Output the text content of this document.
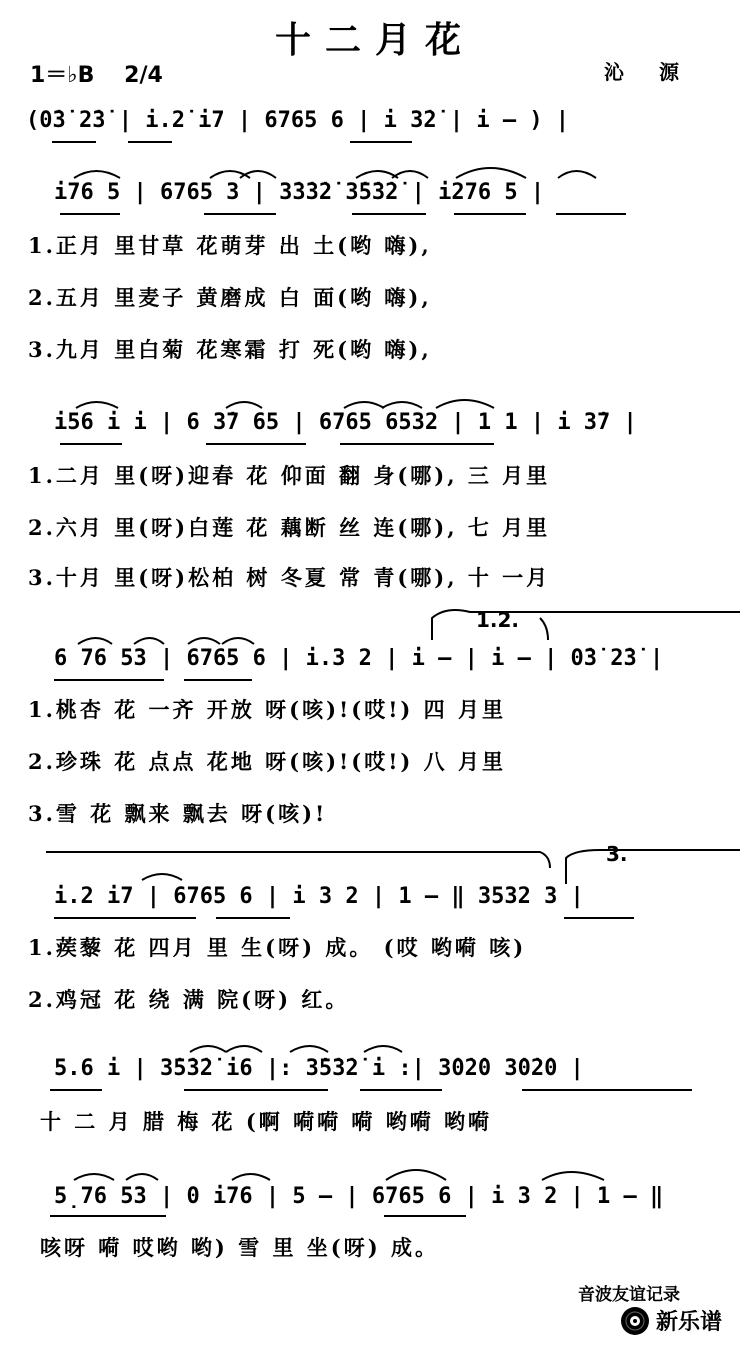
十二月花
1＝♭B 2/4	沁 源
(0̇3̇ 2̇3̇ | i.2̇ i7 | 6765 6 | i 3̇2̇ | i — ) |
i76 5 | 6765 3 | 3̇3̇3̇2̇ 3̇5̇3̇2̇ | i276 5 |
1.正月 里甘草 花萌芽 出 土(哟 嗨),
2.五月 里麦子 黄磨成 白 面(哟 嗨),
3.九月 里白菊 花寒霜 打 死(哟 嗨),
i56 i i | 6 3̇7 65 | 6765 6532 | 1 1 | i 3̇7 |
1.二月 里(呀)迎春 花 仰面 翻 身(哪), 三 月里
2.六月 里(呀)白莲 花 藕断 丝 连(哪), 七 月里
3.十月 里(呀)松柏 树 冬夏 常 青(哪), 十 一月
1.2.
6 76 53 | 6765 6 | i.3 2 | i — | i — | 0̇3̇ 2̇3̇ |
1.桃杏 花 一齐 开放 呀(咳)!(哎!) 四 月里
2.珍珠 花 点点 花地 呀(咳)!(哎!) 八 月里
3.雪 花 飘来 飘去 呀(咳)!
3.
i.2 i7 | 6765 6 | i 3 2 | 1 — ‖ 3532 3 |
1.蒺藜 花 四月 里 生(呀) 成。 (哎 哟嗬 咳)
2.鸡冠 花 绕 满 院(呀) 红。
5.6 i | 3̇5̇3̇2̇ i6 |: 3̇5̇3̇2̇ i :| 3̇0̇2̇0 3̇0̇2̇0 |
十 二 月 腊 梅 花 (啊 嗬嗬 嗬 哟嗬 哟嗬
5̣76 53 | 0 i76 | 5 — | 6765 6 | i 3 2 | 1 — ‖
咳呀 嗬 哎哟 哟) 雪 里 坐(呀) 成。
音波友谊记录
新乐谱
